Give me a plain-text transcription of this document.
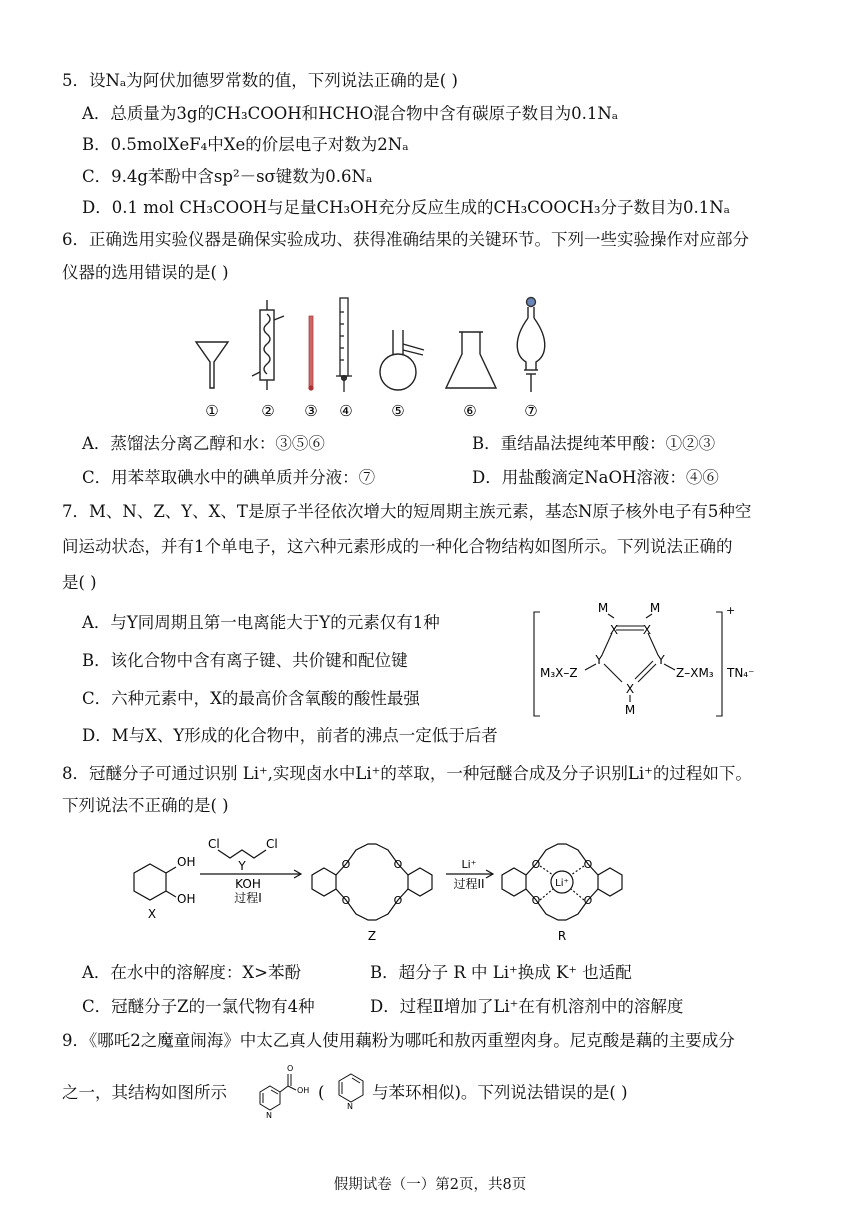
5．设Nₐ为阿伏加德罗常数的值，下列说法正确的是( )
A．总质量为3g的CH₃COOH和HCHO混合物中含有碳原子数目为0.1Nₐ
B．0.5molXeF₄中Xe的价层电子对数为2Nₐ
C．9.4g苯酚中含sp²－sσ键数为0.6Nₐ
D．0.1 mol CH₃COOH与足量CH₃OH充分反应生成的CH₃COOCH₃分子数目为0.1Nₐ
6．正确选用实验仪器是确保实验成功、获得准确结果的关键环节。下列一些实验操作对应部分
仪器的选用错误的是( )
①	② ③ ④	⑤	⑥	⑦
A．蒸馏法分离乙醇和水：③⑤⑥	B．重结晶法提纯苯甲酸：①②③
C．用苯萃取碘水中的碘单质并分液：⑦	D．用盐酸滴定NaOH溶液：④⑥
7．M、N、Z、Y、X、T是原子半径依次增大的短周期主族元素，基态N原子核外电子有5种空
间运动状态，并有1个单电子，这六种元素形成的一种化合物结构如图所示。下列说法正确的
是( )
A．与Y同周期且第一电离能大于Y的元素仅有1种
B．该化合物中含有离子键、共价键和配位键
C．六种元素中，X的最高价含氧酸的酸性最强
D．M与X、Y形成的化合物中，前者的沸点一定低于后者
M	M
X X
Y	Y
X
M
M₃X–Z	Z–XM₃
+
TN₄⁻
8．冠醚分子可通过识别 Li⁺,实现卤水中Li⁺的萃取，一种冠醚合成及分子识别Li⁺的过程如下。
下列说法不正确的是( )
OH
OH
X
Cl	Cl
Y
KOH
过程I
O	O
O	O
Z
Li⁺
过程II
O	O
O	O
Li⁺
R
A．在水中的溶解度：X>苯酚	B．超分子 R 中 Li⁺换成 K⁺ 也适配
C．冠醚分子Z的一氯代物有4种	D．过程Ⅱ增加了Li⁺在有机溶剂中的溶解度
9．《哪吒2之魔童闹海》中太乙真人使用藕粉为哪吒和敖丙重塑肉身。尼克酸是藕的主要成分
之一，其结构如图所示
O
OH
N
(
N
与苯环相似)。下列说法错误的是( )
假期试卷（一）第2页，共8页
